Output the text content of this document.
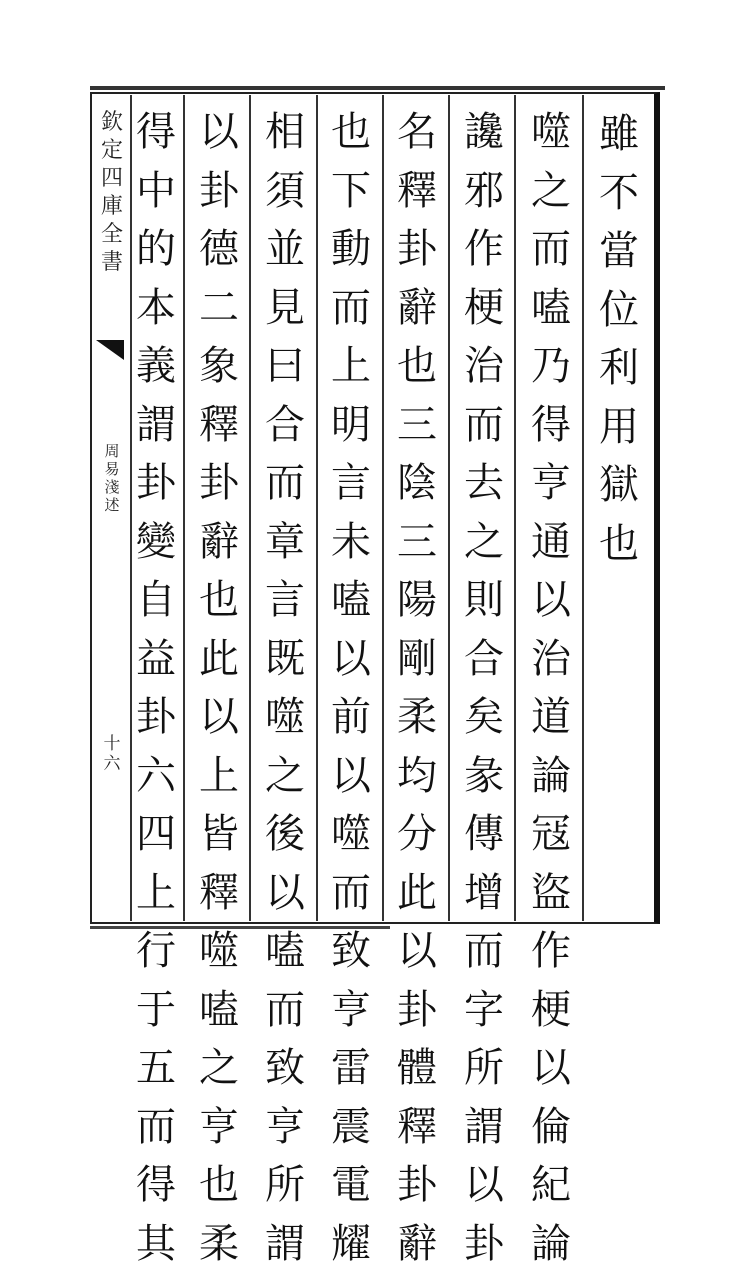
欽
定
四
庫
全
書
周
易
淺
述
十
六
雖
不
當
位
利
用
獄
也
噬
之
而
嗑
乃
得
亨
通
以
治
道
論
冦
盜
作
梗
以
倫
紀
論
讒
邪
作
梗
治
而
去
之
則
合
矣
彖
傳
增
而
字
所
謂
以
卦
名
釋
卦
辭
也
三
陰
三
陽
剛
柔
均
分
此
以
卦
體
釋
卦
辭
也
下
動
而
上
明
言
未
嗑
以
前
以
噬
而
致
亨
雷
震
電
耀
相
須
並
見
曰
合
而
章
言
既
噬
之
後
以
嗑
而
致
亨
所
謂
以
卦
德
二
象
釋
卦
辭
也
此
以
上
皆
釋
噬
嗑
之
亨
也
柔
得
中
的
本
義
謂
卦
變
自
益
卦
六
四
上
行
于
五
而
得
其
